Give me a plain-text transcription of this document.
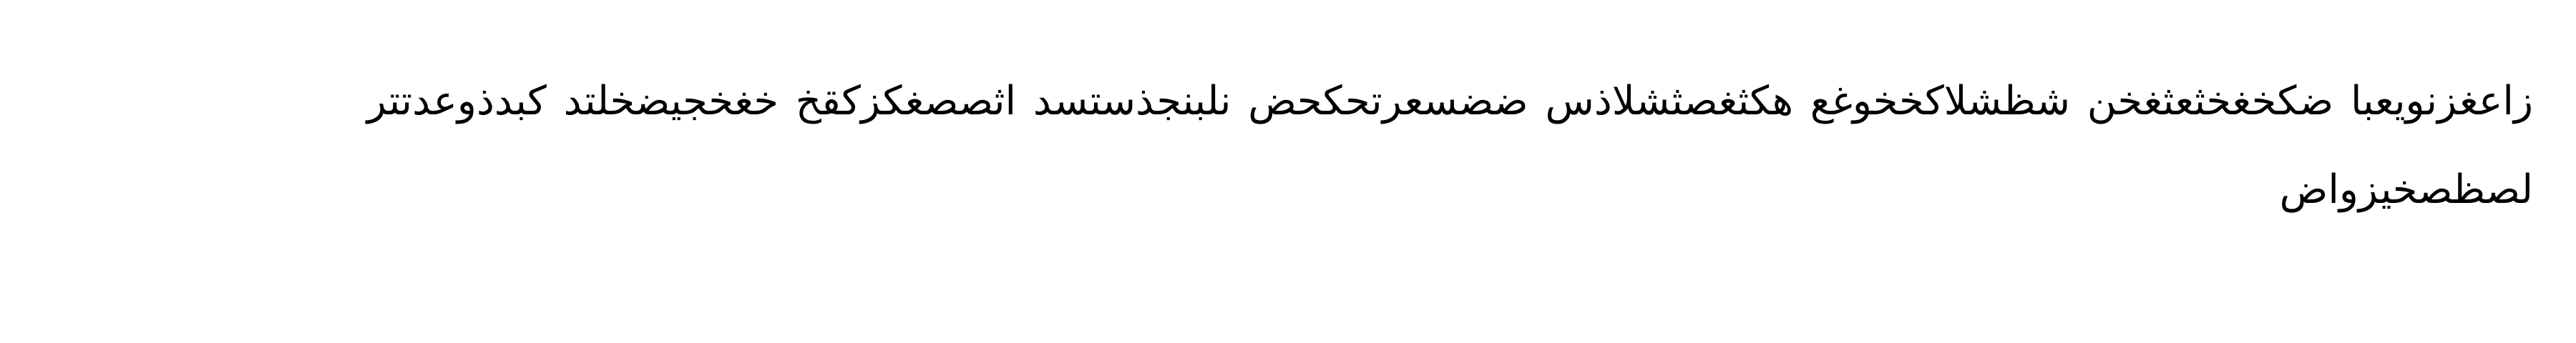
زاعغزنويعبا ضكخغخثعثغخن شظشلاكخخوغع هكثغصثشلاذس ضضسعرتحكحض نلبنجذستسد اثصصغكزكقخ خغخجيضخلتد كبدذوعدتتر لصظصخيزواض
